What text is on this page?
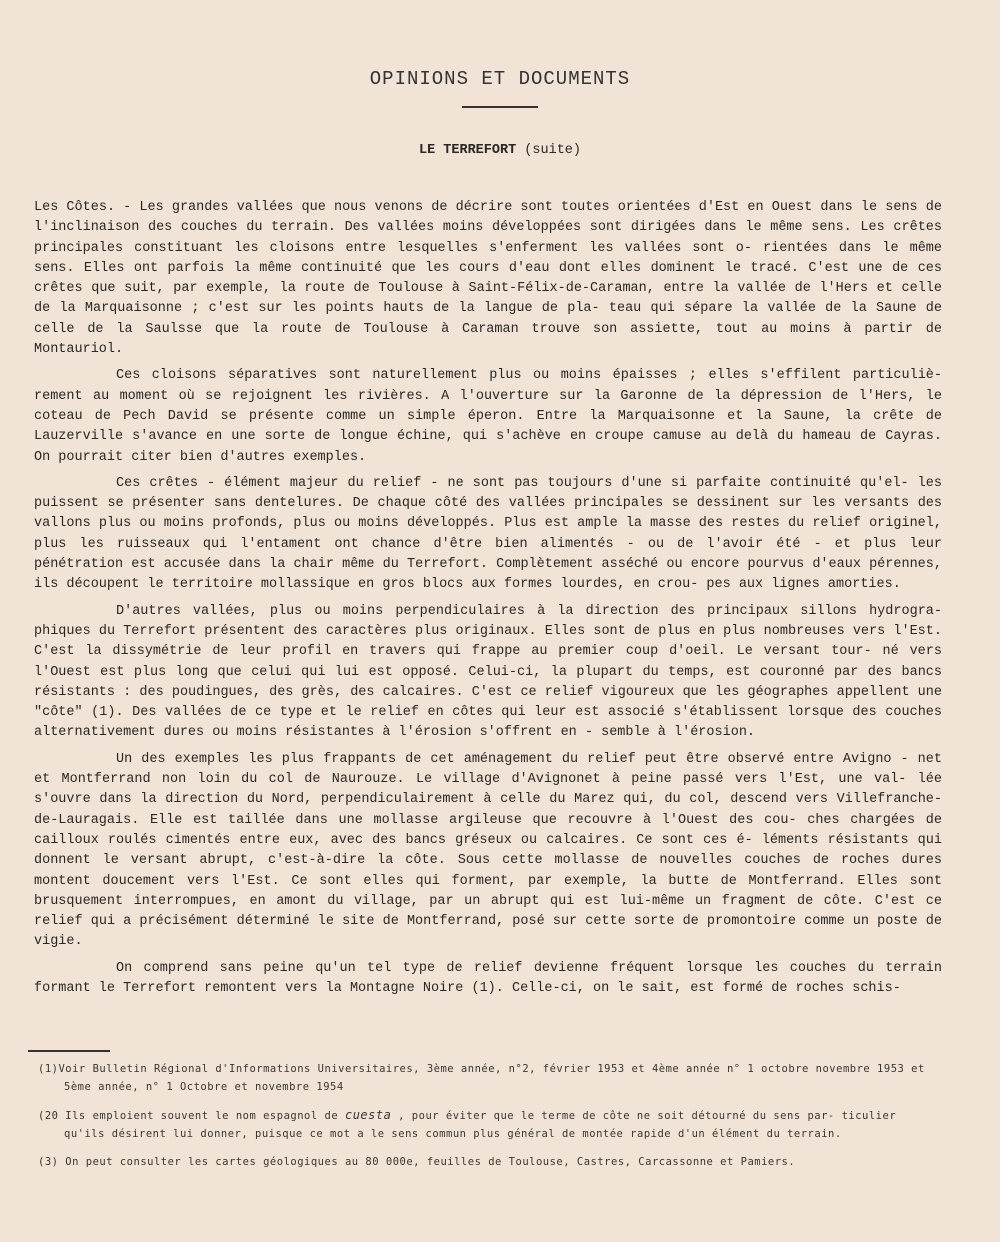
OPINIONS ET DOCUMENTS
LE TERREFORT (suite)

Les Côtes. - Les grandes vallées que nous venons de décrire sont toutes orientées d'Est en Ouest dans le sens de l'inclinaison des couches du terrain. Des vallées moins développées sont dirigées dans le même sens. Les crêtes principales constituant les cloisons entre lesquelles s'enferment les vallées sont o- rientées dans le même sens. Elles ont parfois la même continuité que les cours d'eau dont elles dominent le tracé. C'est une de ces crêtes que suit, par exemple, la route de Toulouse à Saint-Félix-de-Caraman, entre la vallée de l'Hers et celle de la Marquaisonne ; c'est sur les points hauts de la langue de pla- teau qui sépare la vallée de la Saune de celle de la Saulsse que la route de Toulouse à Caraman trouve son assiette, tout au moins à partir de Montauriol.

Ces cloisons séparatives sont naturellement plus ou moins épaisses ; elles s'effilent particuliè- rement au moment où se rejoignent les rivières. A l'ouverture sur la Garonne de la dépression de l'Hers, le coteau de Pech David se présente comme un simple éperon. Entre la Marquaisonne et la Saune, la crête de Lauzerville s'avance en une sorte de longue échine, qui s'achève en croupe camuse au delà du hameau de Cayras. On pourrait citer bien d'autres exemples.

Ces crêtes - élément majeur du relief - ne sont pas toujours d'une si parfaite continuité qu'el- les puissent se présenter sans dentelures. De chaque côté des vallées principales se dessinent sur les versants des vallons plus ou moins profonds, plus ou moins développés. Plus est ample la masse des restes du relief originel, plus les ruisseaux qui l'entament ont chance d'être bien alimentés - ou de l'avoir été - et plus leur pénétration est accusée dans la chair même du Terrefort. Complètement asséché ou encore pourvus d'eaux pérennes, ils découpent le territoire mollassique en gros blocs aux formes lourdes, en crou- pes aux lignes amorties.

D'autres vallées, plus ou moins perpendiculaires à la direction des principaux sillons hydrogra- phiques du Terrefort présentent des caractères plus originaux. Elles sont de plus en plus nombreuses vers l'Est. C'est la dissymétrie de leur profil en travers qui frappe au premier coup d'oeil. Le versant tour- né vers l'Ouest est plus long que celui qui lui est opposé. Celui-ci, la plupart du temps, est couronné par des bancs résistants : des poudingues, des grès, des calcaires. C'est ce relief vigoureux que les géographes appellent une "côte" (1). Des vallées de ce type et le relief en côtes qui leur est associé s'établissent lorsque des couches alternativement dures ou moins résistantes à l'érosion s'offrent en - semble à l'érosion.

Un des exemples les plus frappants de cet aménagement du relief peut être observé entre Avigno - net et Montferrand non loin du col de Naurouze. Le village d'Avignonet à peine passé vers l'Est, une val- lée s'ouvre dans la direction du Nord, perpendiculairement à celle du Marez qui, du col, descend vers Villefranche-de-Lauragais. Elle est taillée dans une mollasse argileuse que recouvre à l'Ouest des cou- ches chargées de cailloux roulés cimentés entre eux, avec des bancs gréseux ou calcaires. Ce sont ces é- léments résistants qui donnent le versant abrupt, c'est-à-dire la côte. Sous cette mollasse de nouvelles couches de roches dures montent doucement vers l'Est. Ce sont elles qui forment, par exemple, la butte de Montferrand. Elles sont brusquement interrompues, en amont du village, par un abrupt qui est lui-même un fragment de côte. C'est ce relief qui a précisément déterminé le site de Montferrand, posé sur cette sorte de promontoire comme un poste de vigie.

On comprend sans peine qu'un tel type de relief devienne fréquent lorsque les couches du terrain formant le Terrefort remontent vers la Montagne Noire (1). Celle-ci, on le sait, est formé de roches schis-

(1)Voir Bulletin Régional d'Informations Universitaires, 3ème année, n°2, février 1953 et 4ème année n° 1 octobre novembre 1953 et 5ème année, n° 1 Octobre et novembre 1954
(20 Ils emploient souvent le nom espagnol de cuesta , pour éviter que le terme de côte ne soit détourné du sens par- ticulier qu'ils désirent lui donner, puisque ce mot a le sens commun plus général de montée rapide d'un élément du terrain.
(3) On peut consulter les cartes géologiques au 80 000e, feuilles de Toulouse, Castres, Carcassonne et Pamiers.
